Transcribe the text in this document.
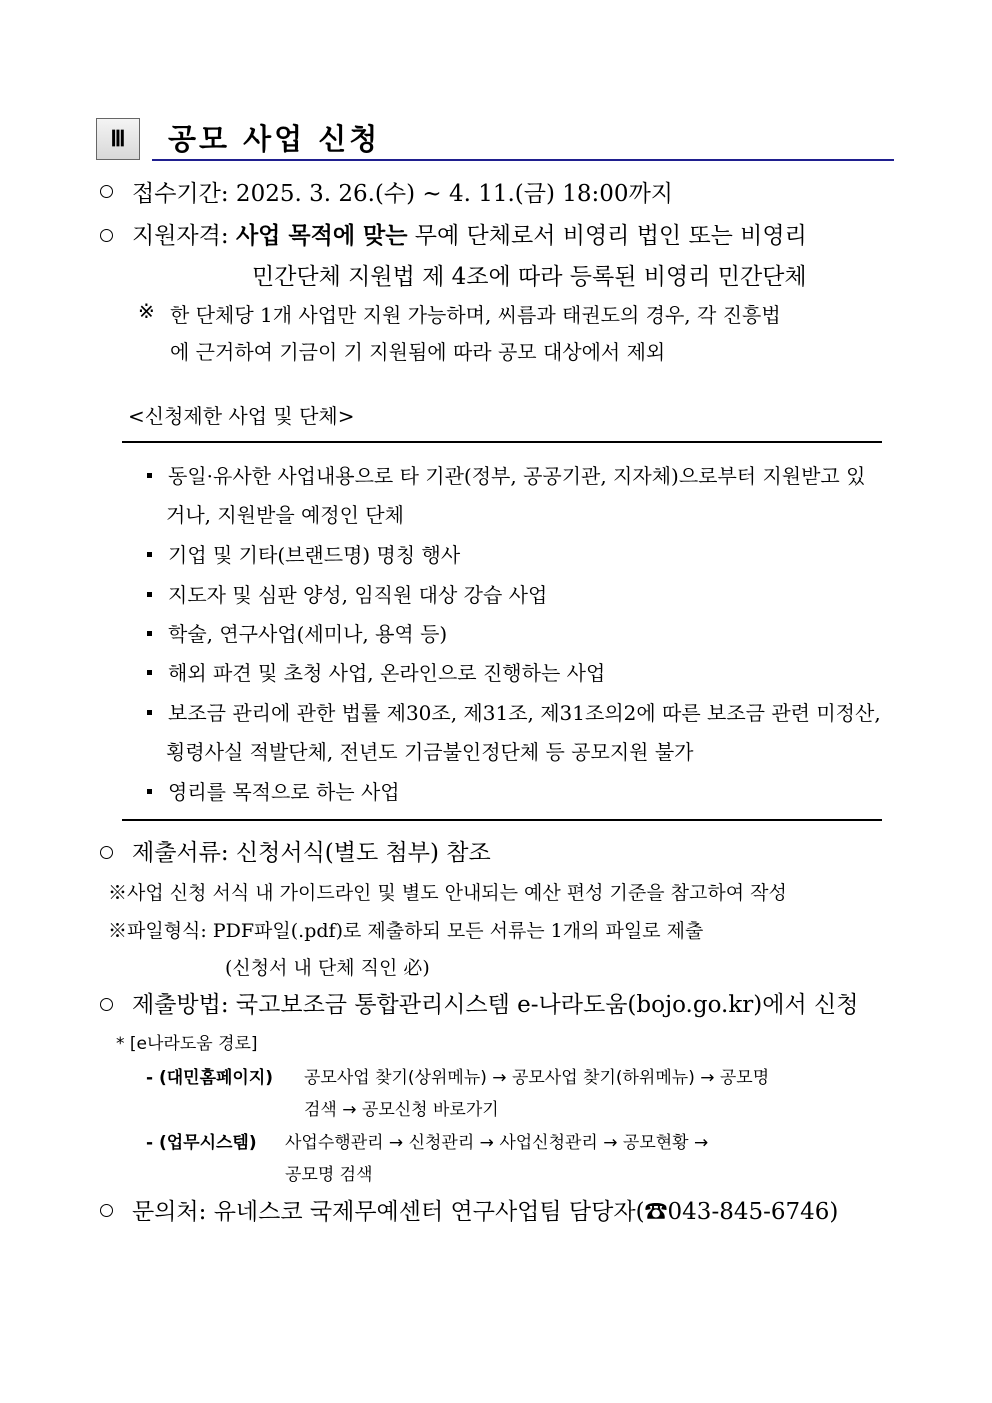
Ⅲ 공모 사업 신청
접수기간: 2025. 3. 26.(수) ~ 4. 11.(금) 18:00까지
지원자격: 사업 목적에 맞는 무예 단체로서 비영리 법인 또는 비영리
민간단체 지원법 제 4조에 따라 등록된 비영리 민간단체
※ 한 단체당 1개 사업만 지원 가능하며, 씨름과 태권도의 경우, 각 진흥법
에 근거하여 기금이 기 지원됨에 따라 공모 대상에서 제외
<신청제한 사업 및 단체>
동일·유사한 사업내용으로 타 기관(정부, 공공기관, 지자체)으로부터 지원받고 있
거나, 지원받을 예정인 단체
기업 및 기타(브랜드명) 명칭 행사
지도자 및 심판 양성, 임직원 대상 강습 사업
학술, 연구사업(세미나, 용역 등)
해외 파견 및 초청 사업, 온라인으로 진행하는 사업
보조금 관리에 관한 법률 제30조, 제31조, 제31조의2에 따른 보조금 관련 미정산,
횡령사실 적발단체, 전년도 기금불인정단체 등 공모지원 불가
영리를 목적으로 하는 사업
제출서류: 신청서식(별도 첨부) 참조
※사업 신청 서식 내 가이드라인 및 별도 안내되는 예산 편성 기준을 참고하여 작성
※파일형식: PDF파일(.pdf)로 제출하되 모든 서류는 1개의 파일로 제출
(신청서 내 단체 직인 必)
제출방법: 국고보조금 통합관리시스템 e-나라도움(bojo.go.kr)에서 신청
* [e나라도움 경로]
- (대민홈페이지) 공모사업 찾기(상위메뉴) → 공모사업 찾기(하위메뉴) → 공모명
검색 → 공모신청 바로가기
- (업무시스템) 사업수행관리 → 신청관리 → 사업신청관리 → 공모현황 →
공모명 검색
문의처: 유네스코 국제무예센터 연구사업팀 담당자(☎043-845-6746)
